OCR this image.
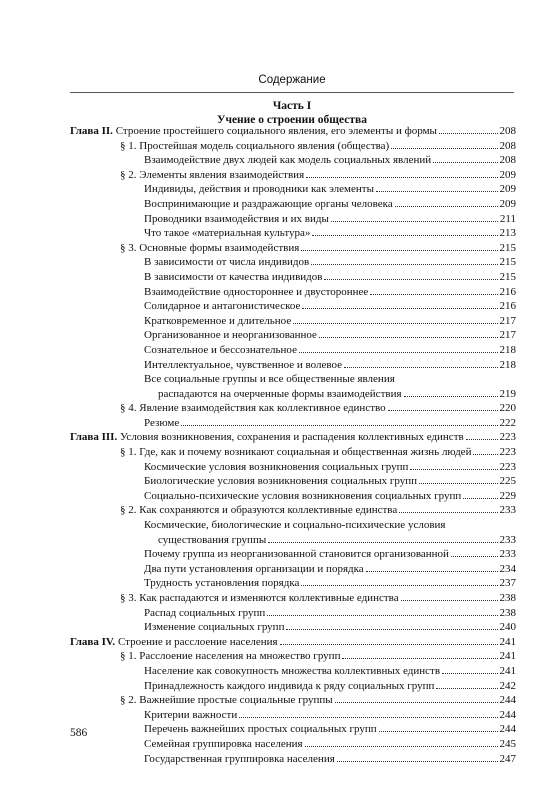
Содержание
Часть I
Учение о строении общества
Глава II. Строение простейшего социального явления, его элементы и формы	208
§ 1. Простейшая модель социального явления (общества)	208
Взаимодействие двух людей как модель социальных явлений	208
§ 2. Элементы явления взаимодействия	209
Индивиды, действия и проводники как элементы	209
Воспринимающие и раздражающие органы человека	209
Проводники взаимодействия и их виды	211
Что такое «материальная культура»	213
§ 3. Основные формы взаимодействия	215
В зависимости от числа индивидов	215
В зависимости от качества индивидов	215
Взаимодействие одностороннее и двустороннее	216
Солидарное и антагонистическое	216
Кратковременное и длительное	217
Организованное и неорганизованное	217
Сознательное и бессознательное	218
Интеллектуальное, чувственное и волевое	218
Все социальные группы и все общественные явления
распадаются на очерченные формы взаимодействия	219
§ 4. Явление взаимодействия как коллективное единство	220
Резюме	222
Глава III. Условия возникновения, сохранения и распадения коллективных единств	223
§ 1. Где, как и почему возникают социальная и общественная жизнь людей	223
Космические условия возникновения социальных групп	223
Биологические условия возникновения социальных групп	225
Социально-психические условия возникновения социальных групп	229
§ 2. Как сохраняются и образуются коллективные единства	233
Космические, биологические и социально-психические условия
существования группы	233
Почему группа из неорганизованной становится организованной	233
Два пути установления организации и порядка	234
Трудность установления порядка	237
§ 3. Как распадаются и изменяются коллективные единства	238
Распад социальных групп	238
Изменение социальных групп	240
Глава IV. Строение и расслоение населения	241
§ 1. Расслоение населения на множество групп	241
Население как совокупность множества коллективных единств	241
Принадлежность каждого индивида к ряду социальных групп	242
§ 2. Важнейшие простые социальные группы	244
Критерии важности	244
Перечень важнейших простых социальных групп	244
Семейная группировка населения	245
Государственная группировка населения	247
586
